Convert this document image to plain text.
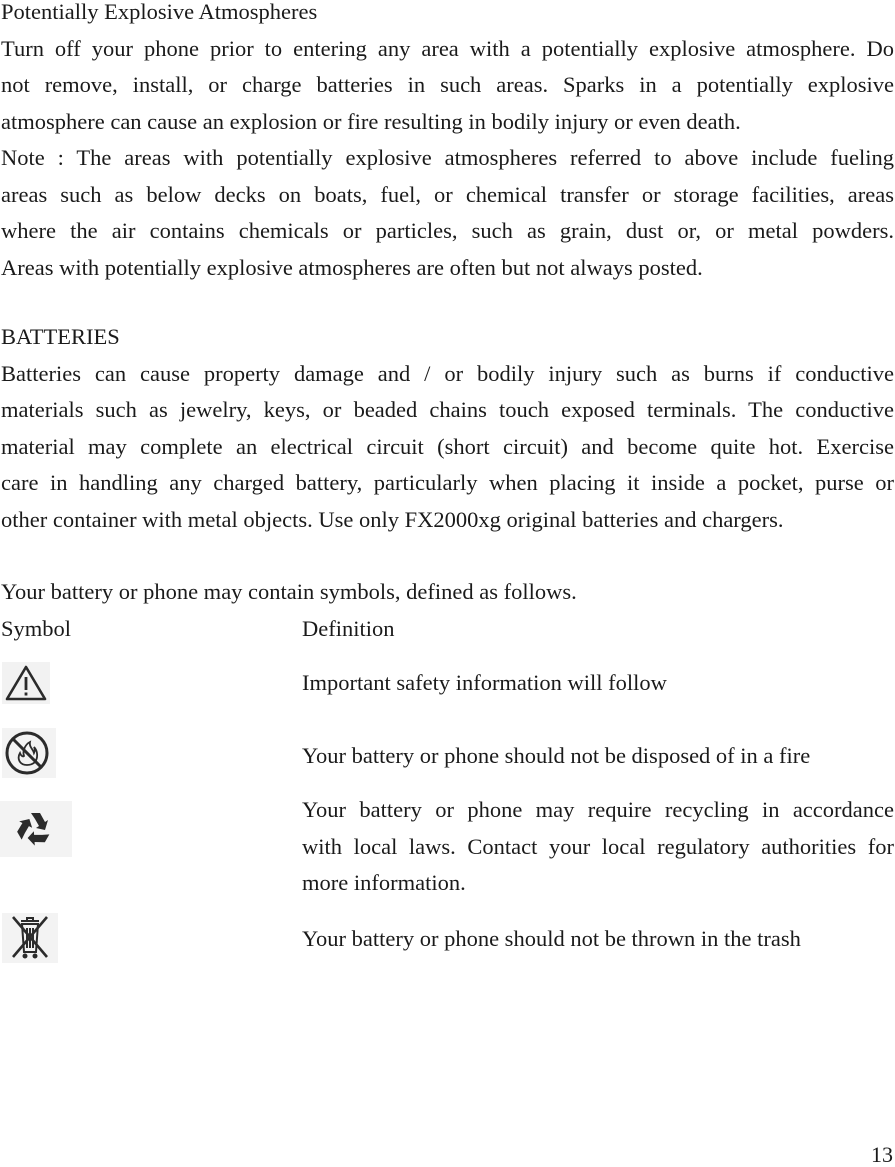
Potentially Explosive Atmospheres
Turn off your phone prior to entering any area with a potentially explosive atmosphere. Do
not remove, install, or charge batteries in such areas. Sparks in a potentially explosive
atmosphere can cause an explosion or fire resulting in bodily injury or even death.
Note : The areas with potentially explosive atmospheres referred to above include fueling
areas such as below decks on boats, fuel, or chemical transfer or storage facilities, areas
where the air contains chemicals or particles, such as grain, dust or, or metal powders.
Areas with potentially explosive atmospheres are often but not always posted.
BATTERIES
Batteries can cause property damage and / or bodily injury such as burns if conductive
materials such as jewelry, keys, or beaded chains touch exposed terminals. The conductive
material may complete an electrical circuit (short circuit) and become quite hot. Exercise
care in handling any charged battery, particularly when placing it inside a pocket, purse or
other container with metal objects. Use only FX2000xg original batteries and chargers.
Your battery or phone may contain symbols, defined as follows.
Symbol	Definition
Important safety information will follow
Your battery or phone should not be disposed of in a fire
Your battery or phone may require recycling in accordance
with local laws. Contact your local regulatory authorities for
more information.
Your battery or phone should not be thrown in the trash
13
